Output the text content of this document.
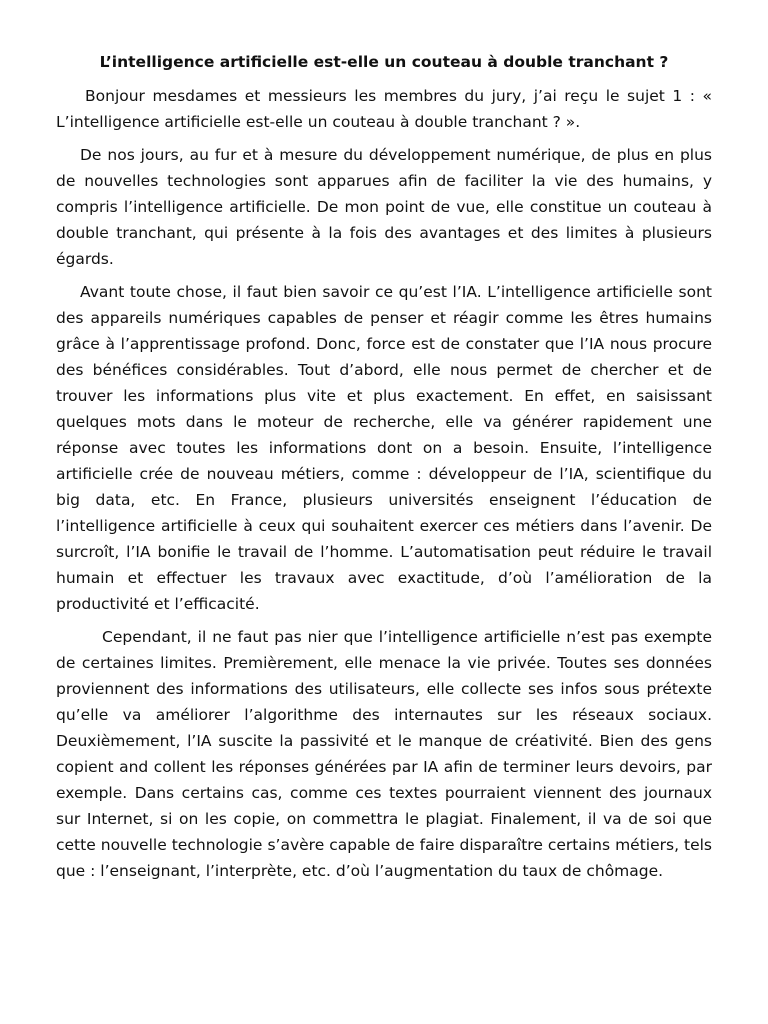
L’intelligence artificielle est-elle un couteau à double tranchant ?

Bonjour mesdames et messieurs les membres du jury, j’ai reçu le sujet 1 : « L’intelligence artificielle est-elle un couteau à double tranchant ? ».

De nos jours, au fur et à mesure du développement numérique, de plus en plus de nouvelles technologies sont apparues afin de faciliter la vie des humains, y compris l’intelligence artificielle. De mon point de vue, elle constitue un couteau à double tranchant, qui présente à la fois des avantages et des limites à plusieurs égards.

Avant toute chose, il faut bien savoir ce qu’est l’IA. L’intelligence artificielle sont des appareils numériques capables de penser et réagir comme les êtres humains grâce à l’apprentissage profond. Donc, force est de constater que l’IA nous procure des bénéfices considérables. Tout d’abord, elle nous permet de chercher et de trouver les informations plus vite et plus exactement. En effet, en saisissant quelques mots dans le moteur de recherche, elle va générer rapidement une réponse avec toutes les informations dont on a besoin. Ensuite, l’intelligence artificielle crée de nouveau métiers, comme : développeur de l’IA, scientifique du big data, etc. En France, plusieurs universités enseignent l’éducation de l’intelligence artificielle à ceux qui souhaitent exercer ces métiers dans l’avenir. De surcroît, l’IA bonifie le travail de l’homme. L’automatisation peut réduire le travail humain et effectuer les travaux avec exactitude, d’où l’amélioration de la productivité et l’efficacité.

Cependant, il ne faut pas nier que l’intelligence artificielle n’est pas exempte de certaines limites. Premièrement, elle menace la vie privée. Toutes ses données proviennent des informations des utilisateurs, elle collecte ses infos sous prétexte qu’elle va améliorer l’algorithme des internautes sur les réseaux sociaux. Deuxièmement, l’IA suscite la passivité et le manque de créativité. Bien des gens copient and collent les réponses générées par IA afin de terminer leurs devoirs, par exemple. Dans certains cas, comme ces textes pourraient viennent des journaux sur Internet, si on les copie, on commettra le plagiat. Finalement, il va de soi que cette nouvelle technologie s’avère capable de faire disparaître certains métiers, tels que : l’enseignant, l’interprète, etc. d’où l’augmentation du taux de chômage.
